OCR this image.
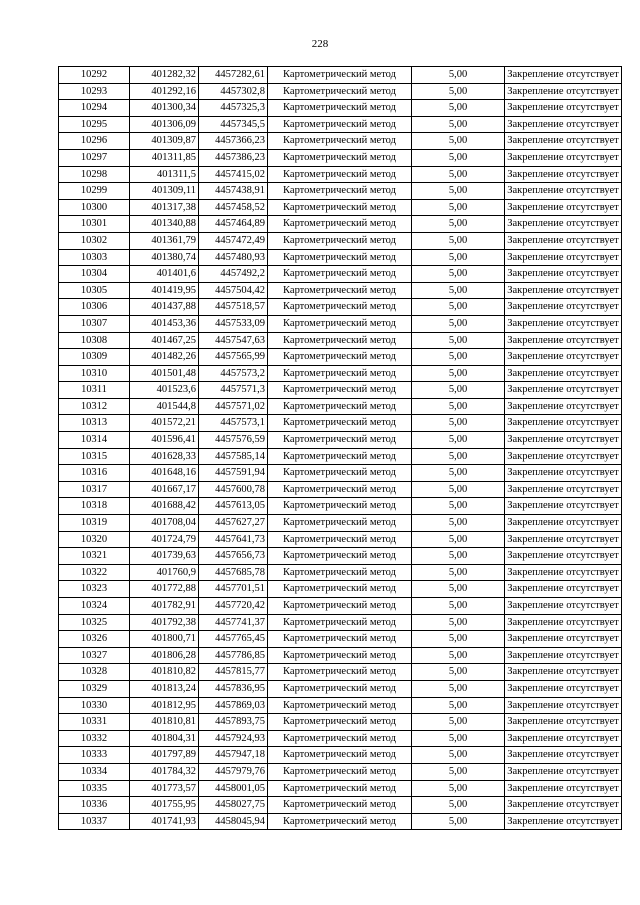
228
10292	401282,32	4457282,61	Картометрический метод	5,00	Закрепление отсутствует
10293	401292,16	4457302,8	Картометрический метод	5,00	Закрепление отсутствует
10294	401300,34	4457325,3	Картометрический метод	5,00	Закрепление отсутствует
10295	401306,09	4457345,5	Картометрический метод	5,00	Закрепление отсутствует
10296	401309,87	4457366,23	Картометрический метод	5,00	Закрепление отсутствует
10297	401311,85	4457386,23	Картометрический метод	5,00	Закрепление отсутствует
10298	401311,5	4457415,02	Картометрический метод	5,00	Закрепление отсутствует
10299	401309,11	4457438,91	Картометрический метод	5,00	Закрепление отсутствует
10300	401317,38	4457458,52	Картометрический метод	5,00	Закрепление отсутствует
10301	401340,88	4457464,89	Картометрический метод	5,00	Закрепление отсутствует
10302	401361,79	4457472,49	Картометрический метод	5,00	Закрепление отсутствует
10303	401380,74	4457480,93	Картометрический метод	5,00	Закрепление отсутствует
10304	401401,6	4457492,2	Картометрический метод	5,00	Закрепление отсутствует
10305	401419,95	4457504,42	Картометрический метод	5,00	Закрепление отсутствует
10306	401437,88	4457518,57	Картометрический метод	5,00	Закрепление отсутствует
10307	401453,36	4457533,09	Картометрический метод	5,00	Закрепление отсутствует
10308	401467,25	4457547,63	Картометрический метод	5,00	Закрепление отсутствует
10309	401482,26	4457565,99	Картометрический метод	5,00	Закрепление отсутствует
10310	401501,48	4457573,2	Картометрический метод	5,00	Закрепление отсутствует
10311	401523,6	4457571,3	Картометрический метод	5,00	Закрепление отсутствует
10312	401544,8	4457571,02	Картометрический метод	5,00	Закрепление отсутствует
10313	401572,21	4457573,1	Картометрический метод	5,00	Закрепление отсутствует
10314	401596,41	4457576,59	Картометрический метод	5,00	Закрепление отсутствует
10315	401628,33	4457585,14	Картометрический метод	5,00	Закрепление отсутствует
10316	401648,16	4457591,94	Картометрический метод	5,00	Закрепление отсутствует
10317	401667,17	4457600,78	Картометрический метод	5,00	Закрепление отсутствует
10318	401688,42	4457613,05	Картометрический метод	5,00	Закрепление отсутствует
10319	401708,04	4457627,27	Картометрический метод	5,00	Закрепление отсутствует
10320	401724,79	4457641,73	Картометрический метод	5,00	Закрепление отсутствует
10321	401739,63	4457656,73	Картометрический метод	5,00	Закрепление отсутствует
10322	401760,9	4457685,78	Картометрический метод	5,00	Закрепление отсутствует
10323	401772,88	4457701,51	Картометрический метод	5,00	Закрепление отсутствует
10324	401782,91	4457720,42	Картометрический метод	5,00	Закрепление отсутствует
10325	401792,38	4457741,37	Картометрический метод	5,00	Закрепление отсутствует
10326	401800,71	4457765,45	Картометрический метод	5,00	Закрепление отсутствует
10327	401806,28	4457786,85	Картометрический метод	5,00	Закрепление отсутствует
10328	401810,82	4457815,77	Картометрический метод	5,00	Закрепление отсутствует
10329	401813,24	4457836,95	Картометрический метод	5,00	Закрепление отсутствует
10330	401812,95	4457869,03	Картометрический метод	5,00	Закрепление отсутствует
10331	401810,81	4457893,75	Картометрический метод	5,00	Закрепление отсутствует
10332	401804,31	4457924,93	Картометрический метод	5,00	Закрепление отсутствует
10333	401797,89	4457947,18	Картометрический метод	5,00	Закрепление отсутствует
10334	401784,32	4457979,76	Картометрический метод	5,00	Закрепление отсутствует
10335	401773,57	4458001,05	Картометрический метод	5,00	Закрепление отсутствует
10336	401755,95	4458027,75	Картометрический метод	5,00	Закрепление отсутствует
10337	401741,93	4458045,94	Картометрический метод	5,00	Закрепление отсутствует
